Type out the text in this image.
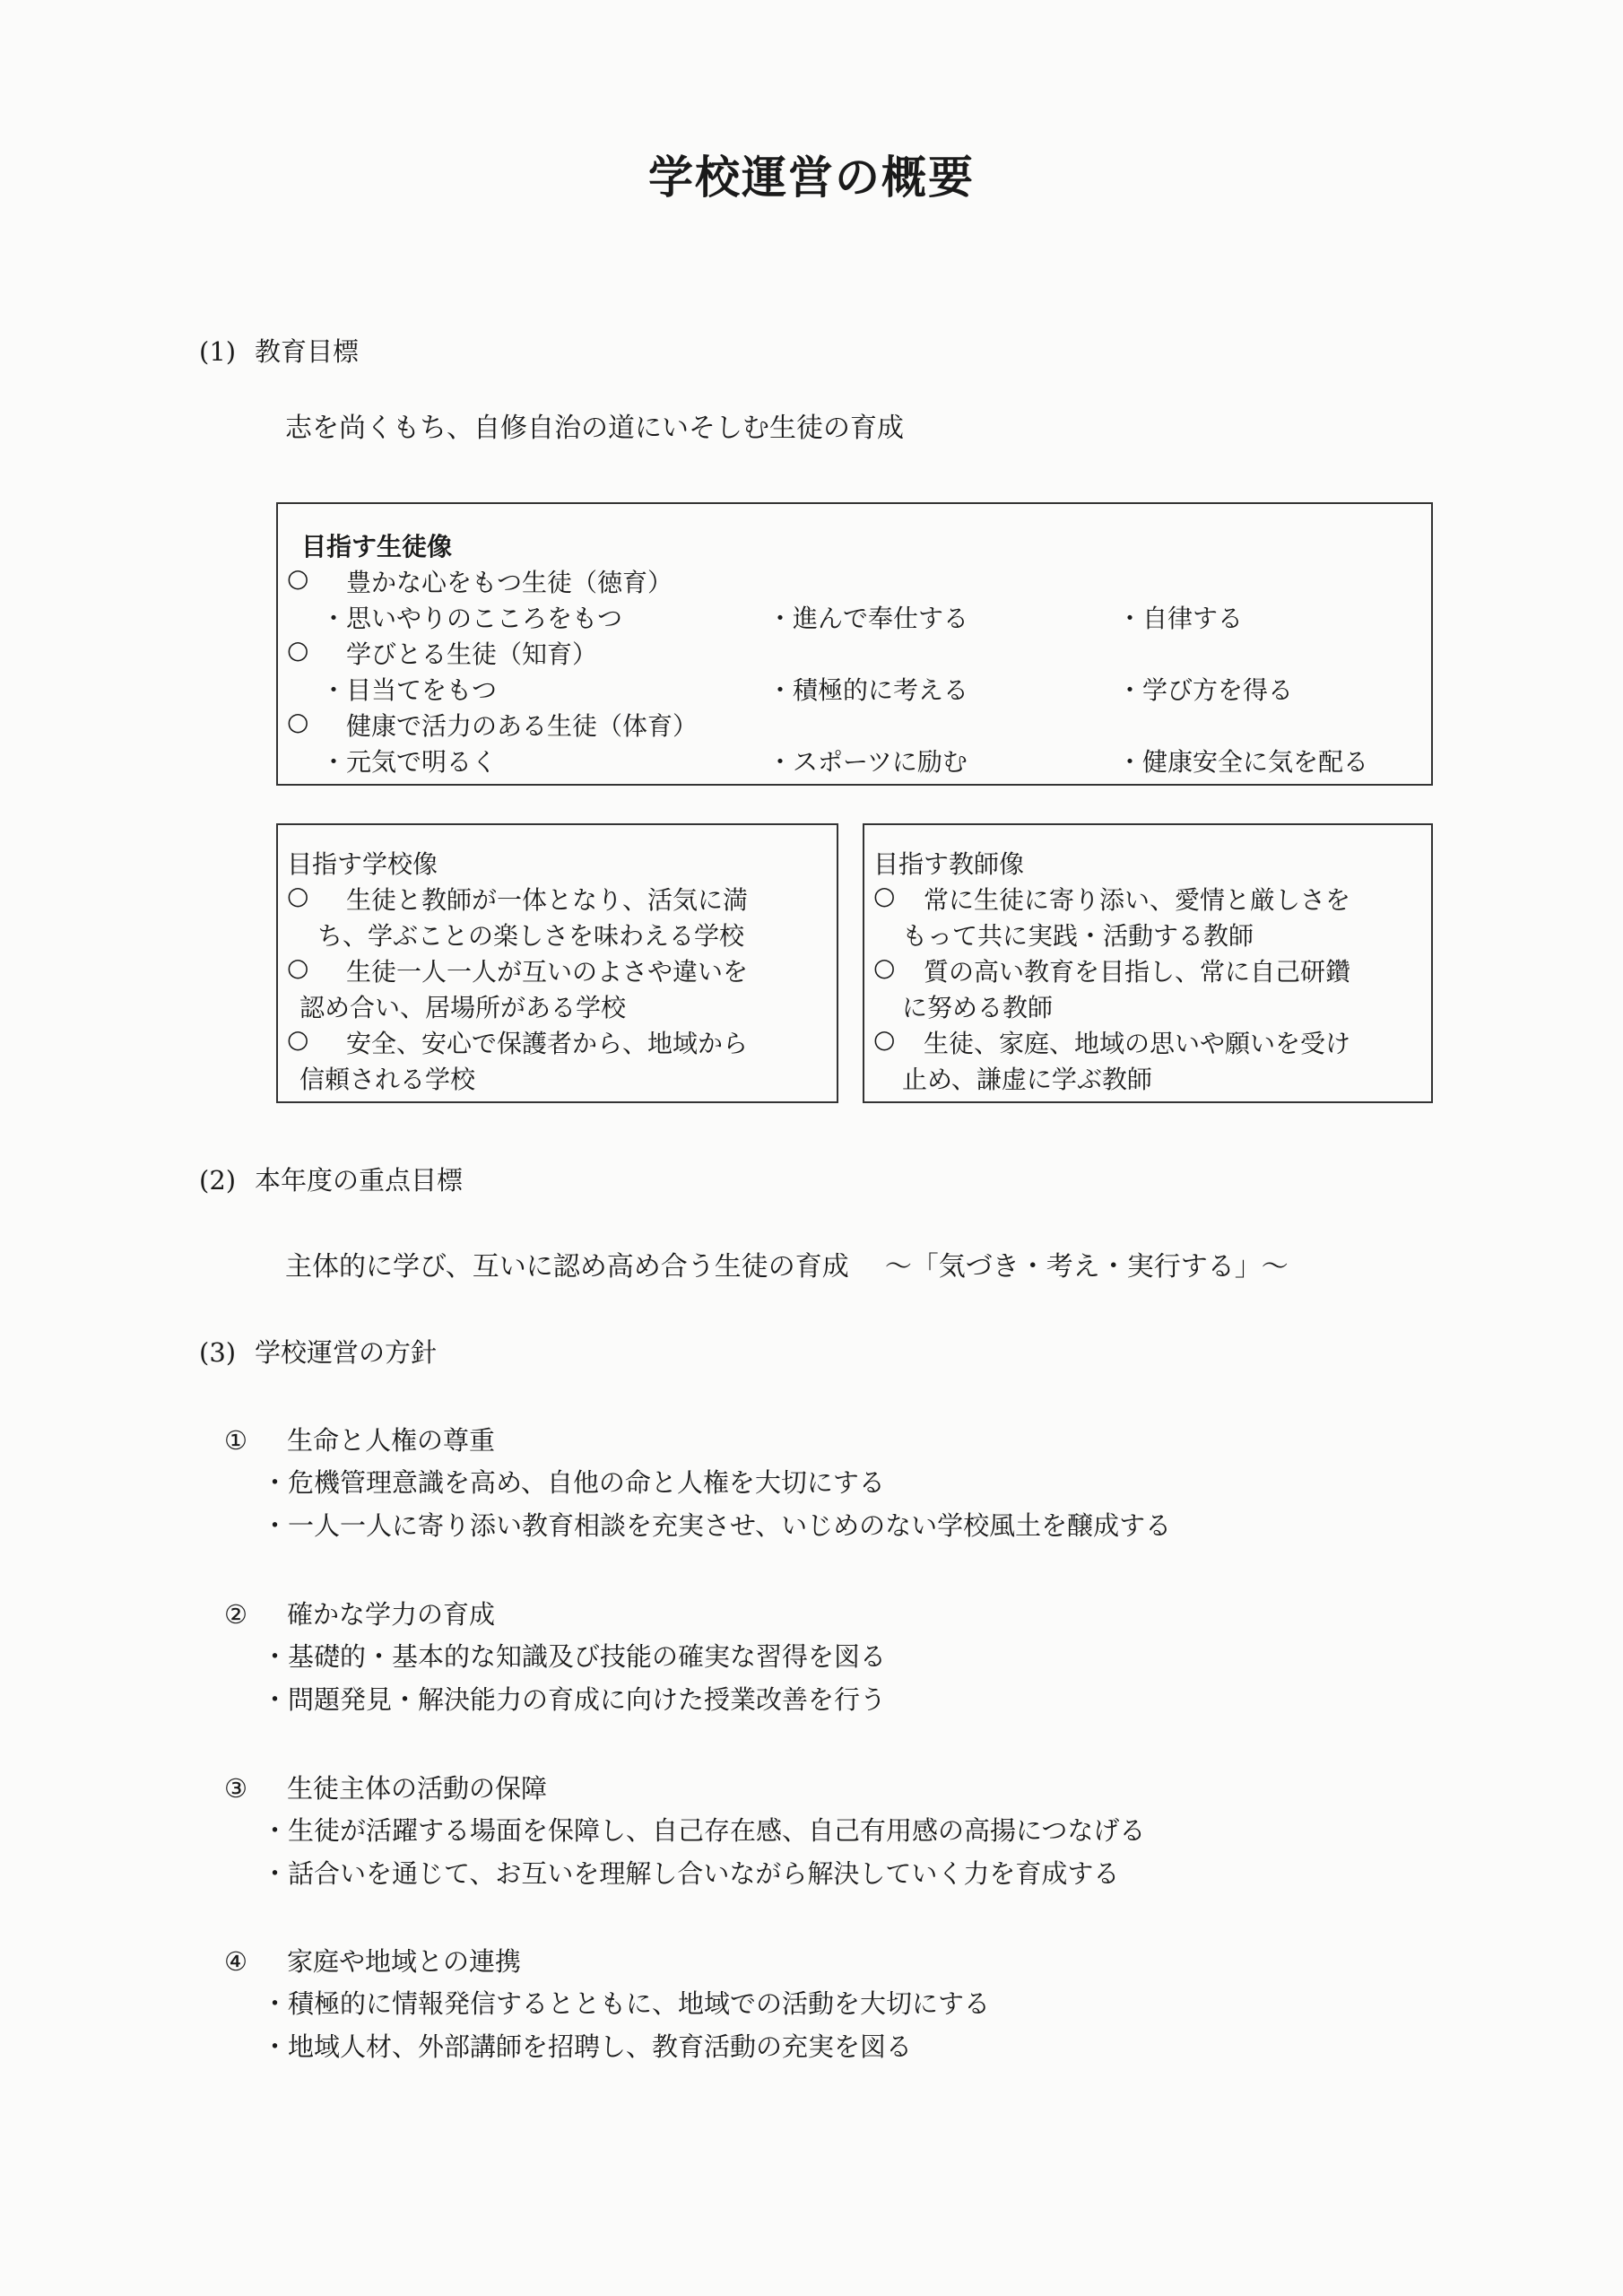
学校運営の概要
(1) 教育目標
志を尚くもち、自修自治の道にいそしむ生徒の育成
目指す生徒像
○ 豊かな心をもつ生徒（徳育）
・思いやりのこころをもつ	・進んで奉仕する	・自律する
○ 学びとる生徒（知育）
・目当てをもつ	・積極的に考える	・学び方を得る
○ 健康で活力のある生徒（体育）
・元気で明るく	・スポーツに励む	・健康安全に気を配る
目指す学校像
○ 生徒と教師が一体となり、活気に満
ち、学ぶことの楽しさを味わえる学校
○ 生徒一人一人が互いのよさや違いを
認め合い、居場所がある学校
○ 安全、安心で保護者から、地域から
信頼される学校
目指す教師像
○ 常に生徒に寄り添い、愛情と厳しさを
もって共に実践・活動する教師
○ 質の高い教育を目指し、常に自己研鑽
に努める教師
○ 生徒、家庭、地域の思いや願いを受け
止め、謙虚に学ぶ教師
(2) 本年度の重点目標
主体的に学び、互いに認め高め合う生徒の育成 ～「気づき・考え・実行する」～
(3) 学校運営の方針
① 生命と人権の尊重
・危機管理意識を高め、自他の命と人権を大切にする
・一人一人に寄り添い教育相談を充実させ、いじめのない学校風土を醸成する
② 確かな学力の育成
・基礎的・基本的な知識及び技能の確実な習得を図る
・問題発見・解決能力の育成に向けた授業改善を行う
③ 生徒主体の活動の保障
・生徒が活躍する場面を保障し、自己存在感、自己有用感の高揚につなげる
・話合いを通じて、お互いを理解し合いながら解決していく力を育成する
④ 家庭や地域との連携
・積極的に情報発信するとともに、地域での活動を大切にする
・地域人材、外部講師を招聘し、教育活動の充実を図る
